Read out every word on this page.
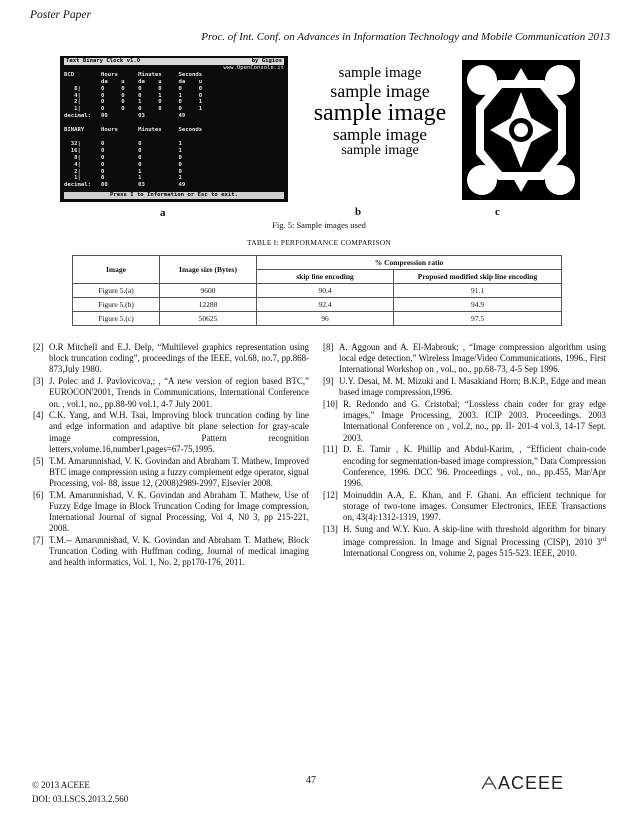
Poster Paper
Proc. of Int. Conf. on Advances in Information Technology and Mobile Communication 2013
Text Binary Clock v1.0	by Gigios
www.OpenConsole.it
BCD        Hours      Minutes     Seconds
da    u    da    u     da    u
8|      0     0    0     0     0     0
4|      0     0    0     1     1     0
2|      0     0    1     0     0     1
1|      0     0    0     0     0     1
decimal:   00         03          49

BINARY     Hours      Minutes     Seconds

32|      0          0           1
16|      0          0           1
8|      0          0           0
4|      0          0           0
2|      0          1           0
1|      0          1           1
decimal:   00         03          49
Press I to Information or Esc to exit.
sample image
sample image
sample image
sample image
sample image
a	b	c
Fig. 5: Sample images used
TABLE I: PERFORMANCE COMPARISON
Image	Image size (Bytes)	% Compression ratio	
		skip line encoding	Proposed modified skip line encoding
Figure 5.(a)	9600	90.4	91.1
Figure 5.(b)	12288	92.4	94.9
Figure 5.(c)	50625	96	97.5
[2] O.R Mitchell and E.J. Delp, “Multilevel graphics representation using block truncation coding”, proceedings of the IEEE, vol.68, no.7, pp.868-873,July 1980.
[3] J. Polec and J. Pavlovicova,; , “A new version of region based BTC,” EUROCON'2001, Trends in Communications, International Conference on. , vol.1, no., pp.88-90 vol.1, 4-7 July 2001.
[4] C.K. Yang, and W.H. Tsai, Improving block truncation coding by line and edge information and adaptive bit plane selection for gray-scale image compression, Pattern recognition letters,volume.16,number1,pages=67-75,1995.
[5] T.M. Amarunnishad, V. K. Govindan and Abraham T. Mathew, Improved BTC image compression using a fuzzy complement edge operator, signal Processing, vol- 88, issue 12, (2008)2989-2997, Elsevier 2008.
[6] T.M. Amarunnishad, V. K. Govindan and Abraham T. Mathew, Use of Fuzzy Edge Image in Block Truncation Coding for Image compression, International Journal of signal Processing, Vol 4, N0 3, pp 215-221, 2008.
[7] T.M.-- Amarunnishad, V. K. Govindan and Abraham T. Mathew, Block Truncation Coding with Huffman coding, Journal of medical imaging and health informatics, Vol. 1, No. 2, pp170-176, 2011.
[8] A. Aggoun and A. El-Mabrouk; , “Image compression algorithm using local edge detection,” Wireless Image/Video Communications, 1996., First International Workshop on , vol., no., pp.68-73, 4-5 Sep 1996.
[9] U.Y. Desai, M. M. Mizuki and I. Masakiand Horn; B.K.P., Edge and mean based image compression,1996.
[10] R. Redondo and G. Cristobal; “Lossless chain coder for gray edge images,” Image Processing, 2003. ICIP 2003. Proceedings. 2003 International Conference on , vol.2, no., pp. II- 201-4 vol.3, 14-17 Sept. 2003.
[11] D. E. Tamir , K. Phillip and Abdul-Karim, , “Efficient chain-code encoding for segmentation-based image compression,” Data Compression Conference, 1996. DCC '96. Proceedings , vol., no., pp.455, Mar/Apr 1996.
[12] Moinuddin A.A, E. Khan, and F. Ghani. An efficient technique for storage of two-tone images. Consumer Electronics, IEEE Transactions on, 43(4):1312-1319, 1997.
[13] H. Sung and W.Y. Kuo. A skip-line with threshold algorithm for binary image compression. In Image and Signal Processing (CISP), 2010 3rd International Congress on, volume 2, pages 515-523. IEEE, 2010.
© 2013 ACEEE
DOI: 03.LSCS.2013.2.560
47	ACEEE
